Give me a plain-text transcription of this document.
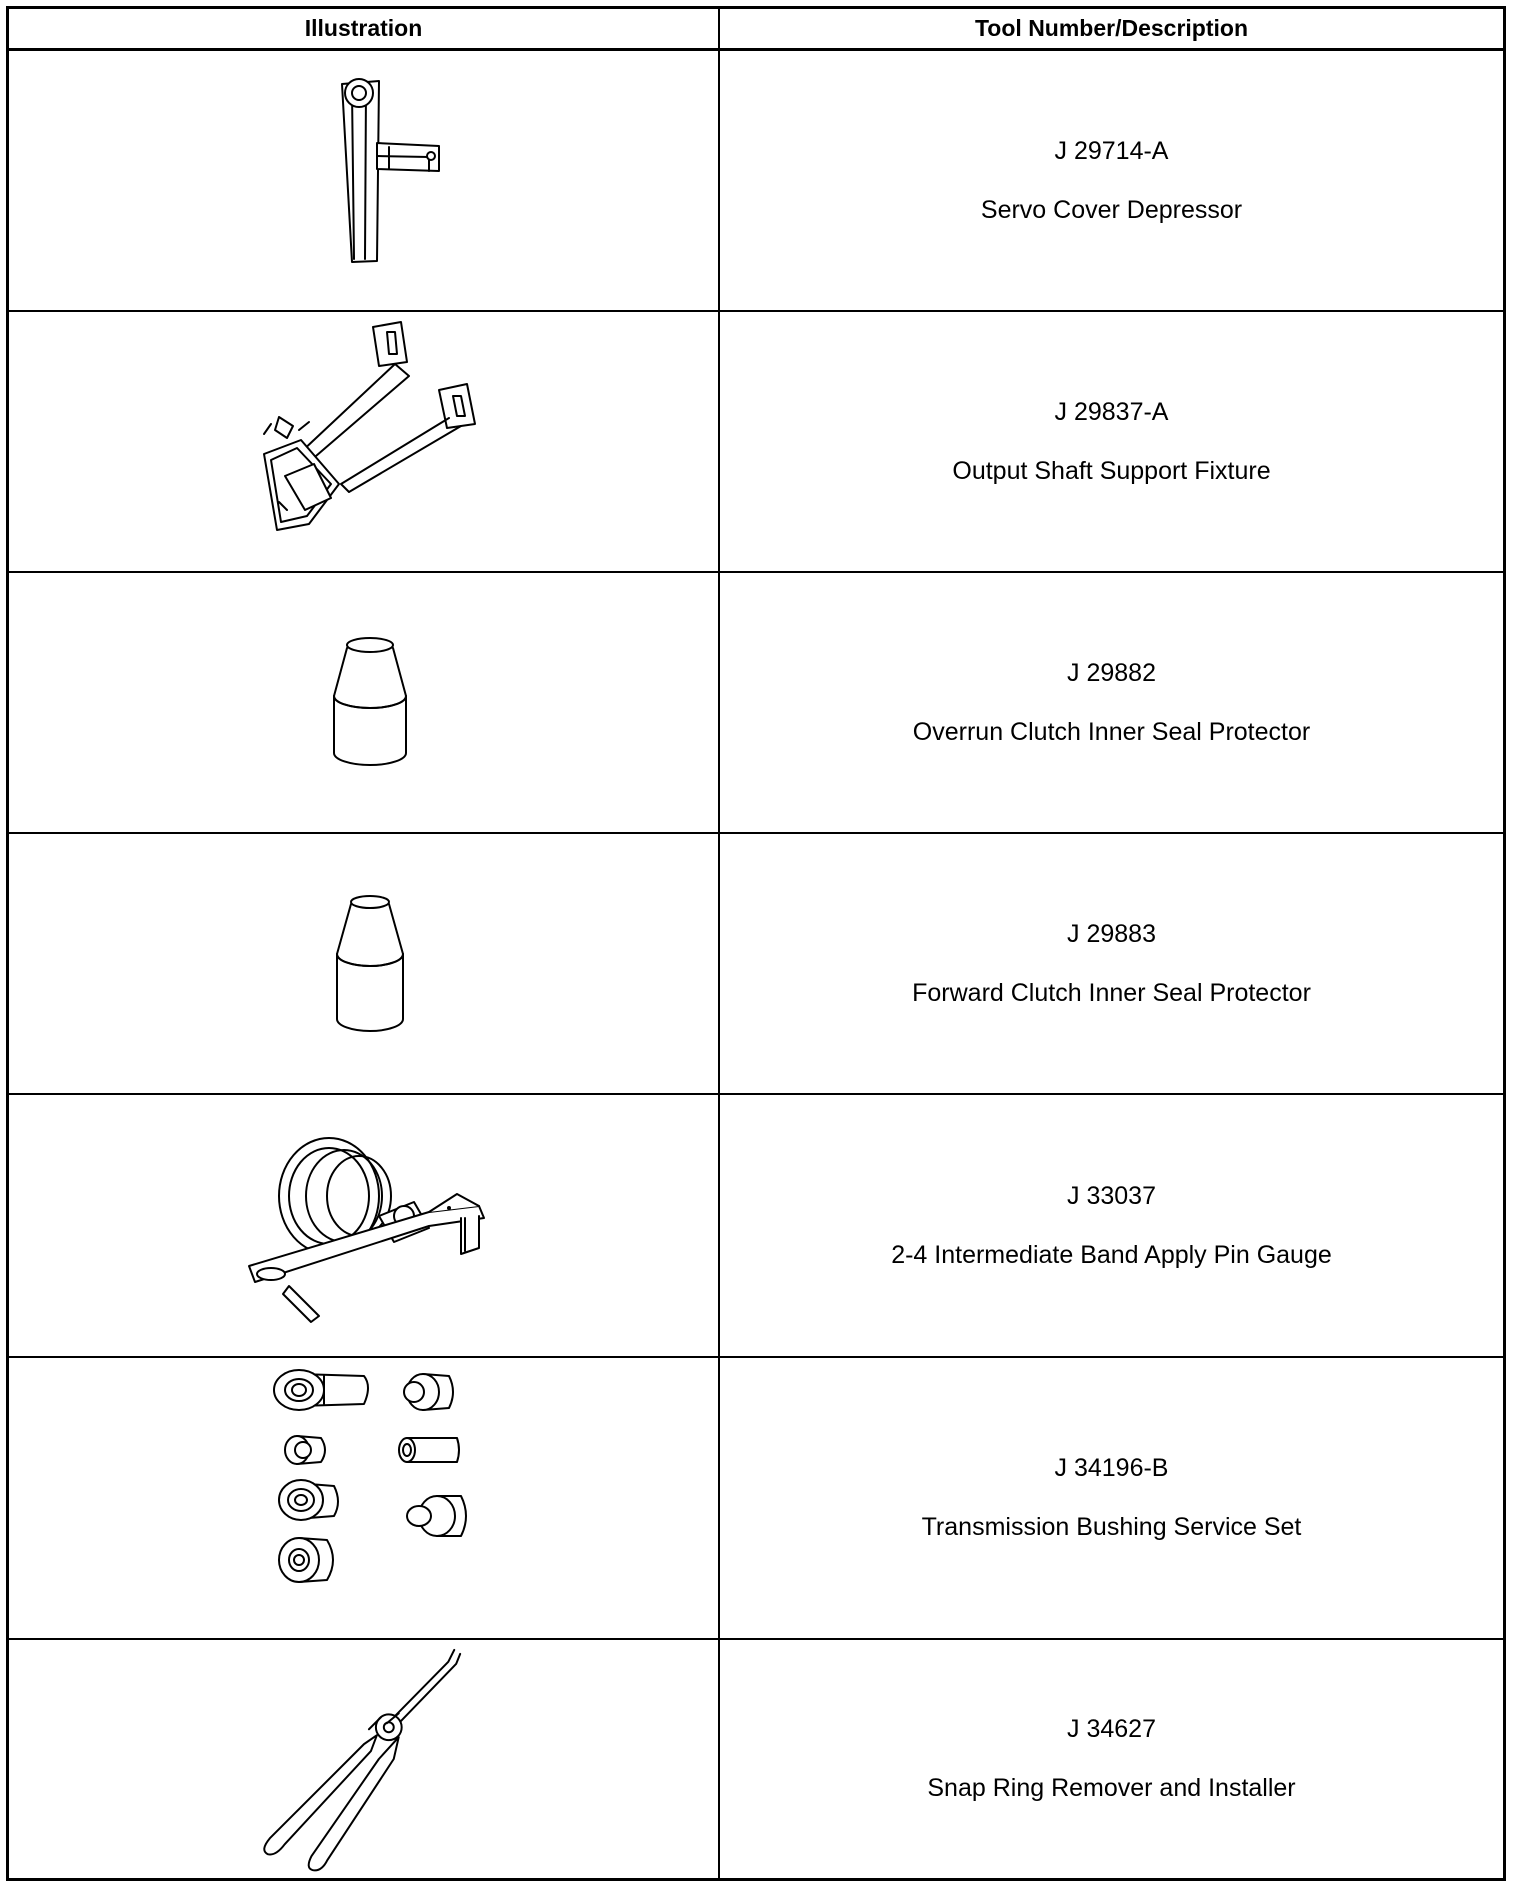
Illustration	Tool Number/Description
J 29714-A
Servo Cover Depressor
J 29837-A
Output Shaft Support Fixture
J 29882
Overrun Clutch Inner Seal Protector
J 29883
Forward Clutch Inner Seal Protector
J 33037
2-4 Intermediate Band Apply Pin Gauge
J 34196-B
Transmission Bushing Service Set
J 34627
Snap Ring Remover and Installer
